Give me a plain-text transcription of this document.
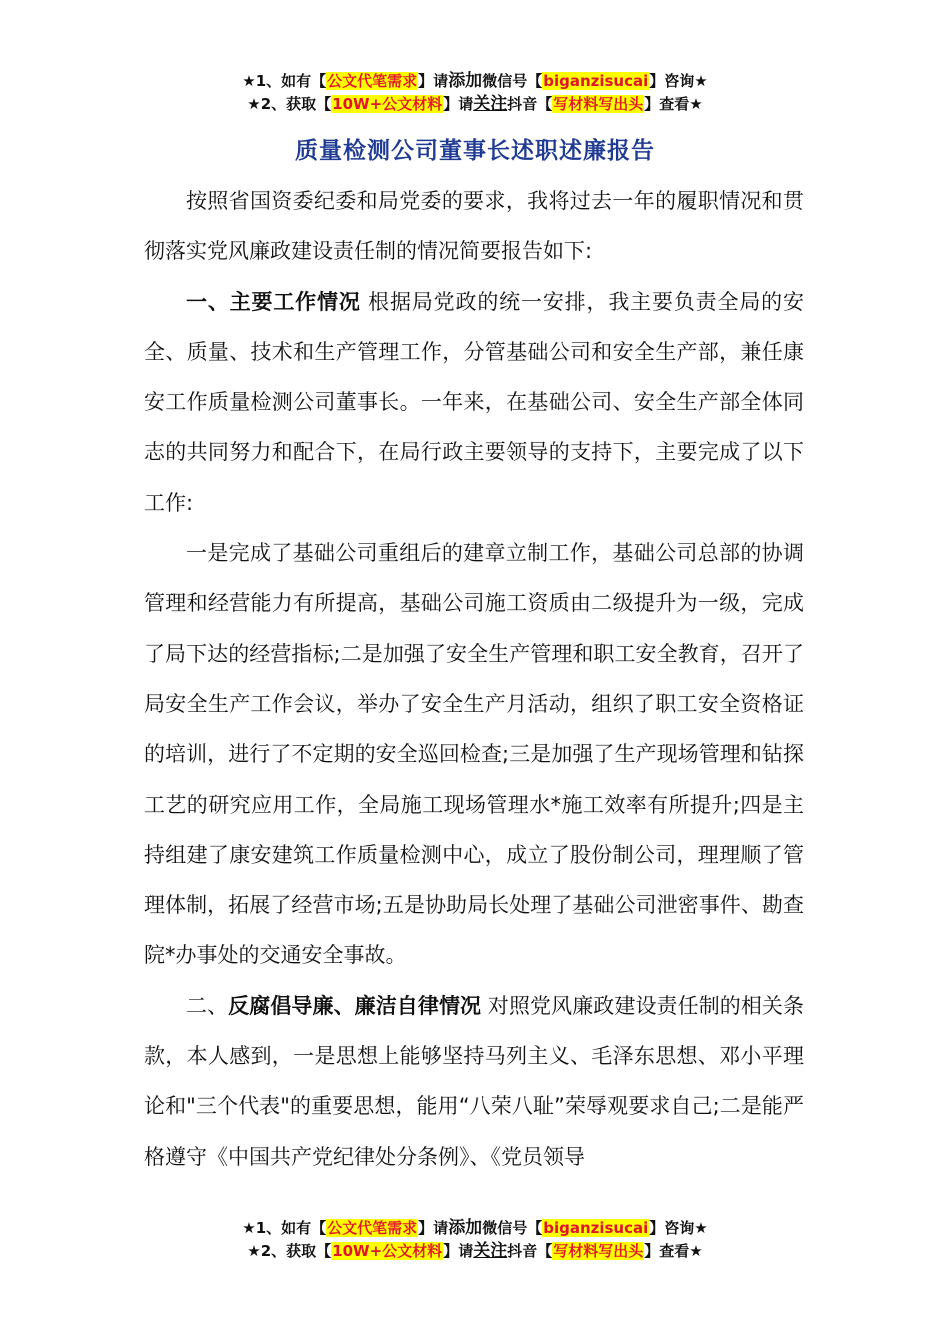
★1、如有【公文代笔需求】请添加微信号【biganzisucai】咨询★
★2、获取【10W+公文材料】请关注抖音【写材料写出头】查看★
质量检测公司董事长述职述廉报告

按照省国资委纪委和局党委的要求，我将过去一年的履职情况和贯彻落实党风廉政建设责任制的情况简要报告如下:

一、主要工作情况 根据局党政的统一安排，我主要负责全局的安全、质量、技术和生产管理工作，分管基础公司和安全生产部，兼任康安工作质量检测公司董事长。一年来，在基础公司、安全生产部全体同志的共同努力和配合下，在局行政主要领导的支持下，主要完成了以下工作:

一是完成了基础公司重组后的建章立制工作，基础公司总部的协调管理和经营能力有所提高，基础公司施工资质由二级提升为一级，完成了局下达的经营指标;二是加强了安全生产管理和职工安全教育，召开了局安全生产工作会议，举办了安全生产月活动，组织了职工安全资格证的培训，进行了不定期的安全巡回检查;三是加强了生产现场管理和钻探工艺的研究应用工作，全局施工现场管理水*施工效率有所提升;四是主持组建了康安建筑工作质量检测中心，成立了股份制公司，理理顺了管理体制，拓展了经营市场;五是协助局长处理了基础公司泄密事件、勘查院*办事处的交通安全事故。

二、反腐倡导廉、廉洁自律情况 对照党风廉政建设责任制的相关条款，本人感到，一是思想上能够坚持马列主义、毛泽东思想、邓小平理论和"三个代表"的重要思想，能用“八荣八耻”荣辱观要求自己;二是能严格遵守《中国共产党纪律处分条例》、《党员领导

★1、如有【公文代笔需求】请添加微信号【biganzisucai】咨询★
★2、获取【10W+公文材料】请关注抖音【写材料写出头】查看★
